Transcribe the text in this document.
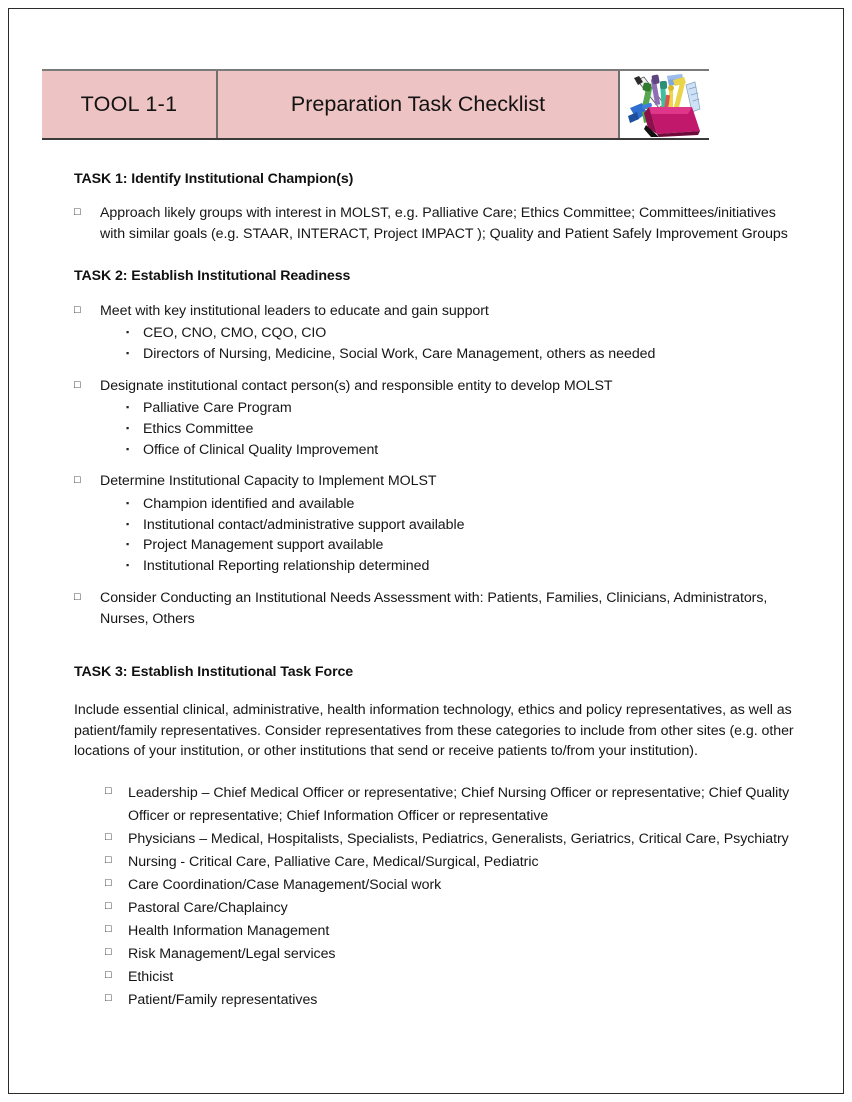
TOOL 1-1	Preparation Task Checklist
TASK 1: Identify Institutional Champion(s)
□	Approach likely groups with interest in MOLST, e.g. Palliative Care; Ethics Committee; Committees/initiatives with similar goals (e.g. STAAR, INTERACT, Project IMPACT ); Quality and Patient Safely Improvement Groups
TASK 2: Establish Institutional Readiness
□	Meet with key institutional leaders to educate and gain support
▪ CEO, CNO, CMO, CQO, CIO
▪ Directors of Nursing, Medicine, Social Work, Care Management, others as needed
□	Designate institutional contact person(s) and responsible entity to develop MOLST
▪ Palliative Care Program
▪ Ethics Committee
▪ Office of Clinical Quality Improvement
□	Determine Institutional Capacity to Implement MOLST
▪ Champion identified and available
▪ Institutional contact/administrative support available
▪ Project Management support available
▪ Institutional Reporting relationship determined
□	Consider Conducting an Institutional Needs Assessment with: Patients, Families, Clinicians, Administrators, Nurses, Others
TASK 3: Establish Institutional Task Force
Include essential clinical, administrative, health information technology, ethics and policy representatives, as well as patient/family representatives. Consider representatives from these categories to include from other sites (e.g. other locations of your institution, or other institutions that send or receive patients to/from your institution).
□	Leadership – Chief Medical Officer or representative; Chief Nursing Officer or representative; Chief Quality Officer or representative; Chief Information Officer or representative
□	Physicians – Medical, Hospitalists, Specialists, Pediatrics, Generalists, Geriatrics, Critical Care, Psychiatry
□	Nursing - Critical Care, Palliative Care, Medical/Surgical, Pediatric
□	Care Coordination/Case Management/Social work
□	Pastoral Care/Chaplaincy
□	Health Information Management
□	Risk Management/Legal services
□	Ethicist
□	Patient/Family representatives
